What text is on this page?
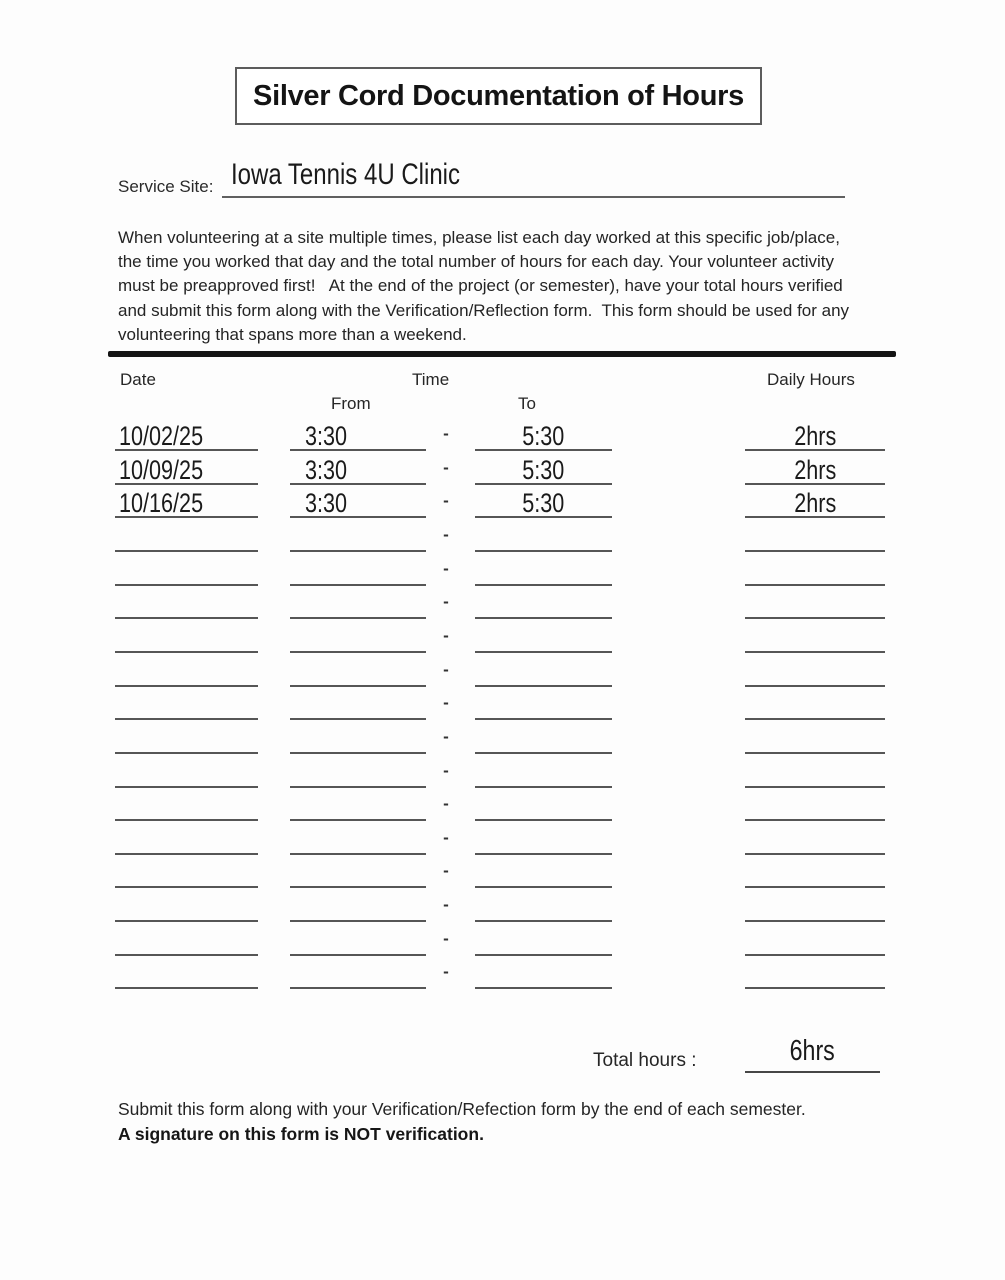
Silver Cord Documentation of Hours
Service Site: Iowa Tennis 4U Clinic

When volunteering at a site multiple times, please list each day worked at this specific job/place, the time you worked that day and the total number of hours for each day. Your volunteer activity must be preapproved first!   At the end of the project (or semester), have your total hours verified and submit this form along with the Verification/Reflection form.  This form should be used for any volunteering that spans more than a weekend.

Date	Time	Daily Hours
From	To
10/02/25	3:30	-	5:30	2hrs
10/09/25	3:30	-	5:30	2hrs
10/16/25	3:30	-	5:30	2hrs
-
-
-
-
-
-
-
-
-
-
-
-
-
-
Total hours :	6hrs

Submit this form along with your Verification/Refection form by the end of each semester.

A signature on this form is NOT verification.
